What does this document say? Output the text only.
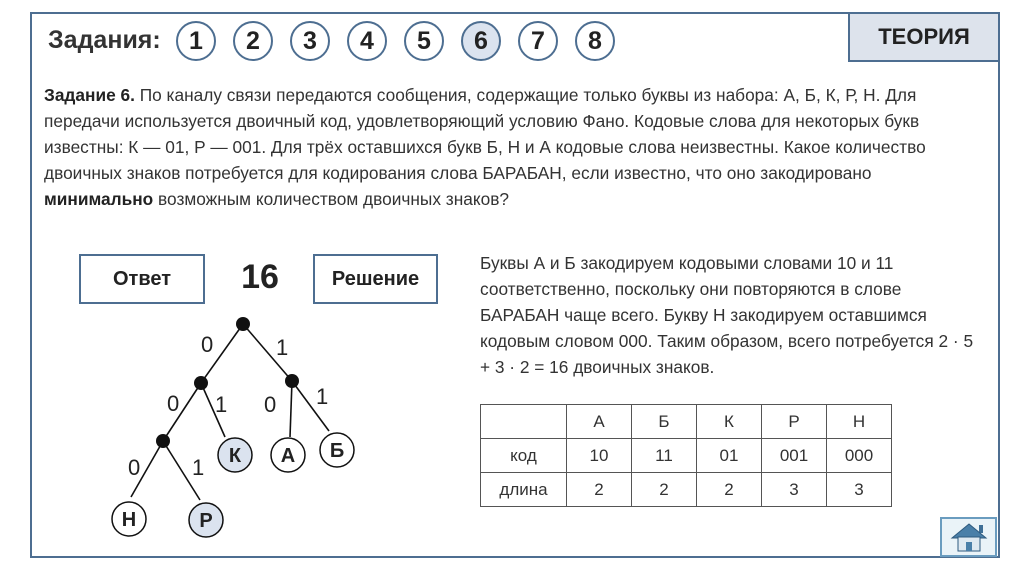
Задания:	1	2	3	4	5	6	7	8	ТЕОРИЯ
Задание 6. По каналу связи передаются сообщения, содержащие только буквы из набора: А, Б, К, Р, Н. Для передачи используется двоичный код, удовлетворяющий условию Фано. Кодовые слова для некоторых букв известны: К — 01, Р — 001. Для трёх оставшихся букв Б, Н и А кодовые слова неизвестны. Какое количество двоичных знаков потребуется для кодирования слова БАРАБАН, если известно, что оно закодировано минимально возможным количеством двоичных знаков?
Ответ	16	Решение
0	1
0 1 0 1
0 1 К А Б
Н	Р
Буквы А и Б закодируем кодовыми словами 10 и 11 соответственно, поскольку они повторяются в слове БАРАБАН чаще всего. Букву Н закодируем оставшимся кодовым словом 000. Таким образом, всего потребуется 2 · 5 + 3 · 2 = 16 двоичных знаков.
	А	Б	К	Р	Н
код	10	11	01	001	000
длина	2	2	2	3	3
